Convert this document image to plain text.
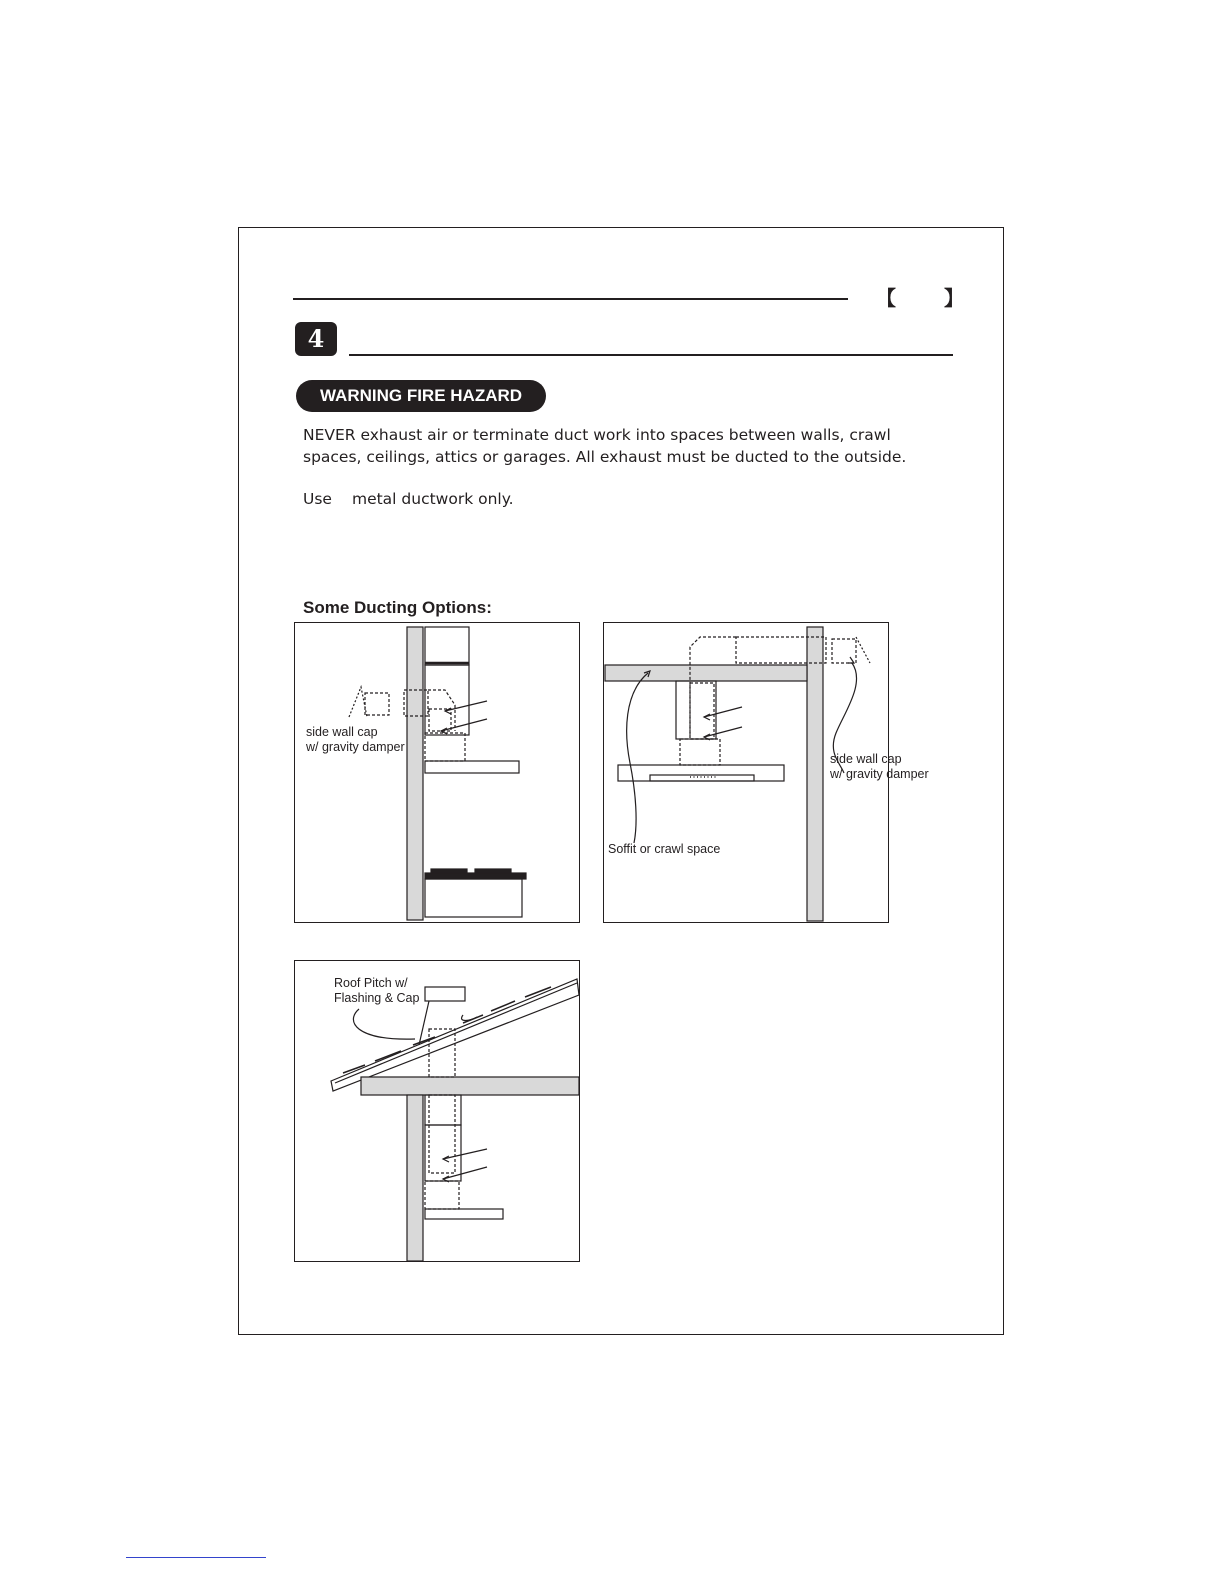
【 】
4
WARNING FIRE HAZARD
NEVER exhaust air or terminate duct work into spaces between walls, crawl spaces, ceilings, attics or garages. All exhaust must be ducted to the outside.
Use metal ductwork only.
Some Ducting Options:
side wall cap
w/ gravity damper
side wall cap
w/ gravity damper
Soffit or crawl space
Roof Pitch w/
Flashing & Cap
